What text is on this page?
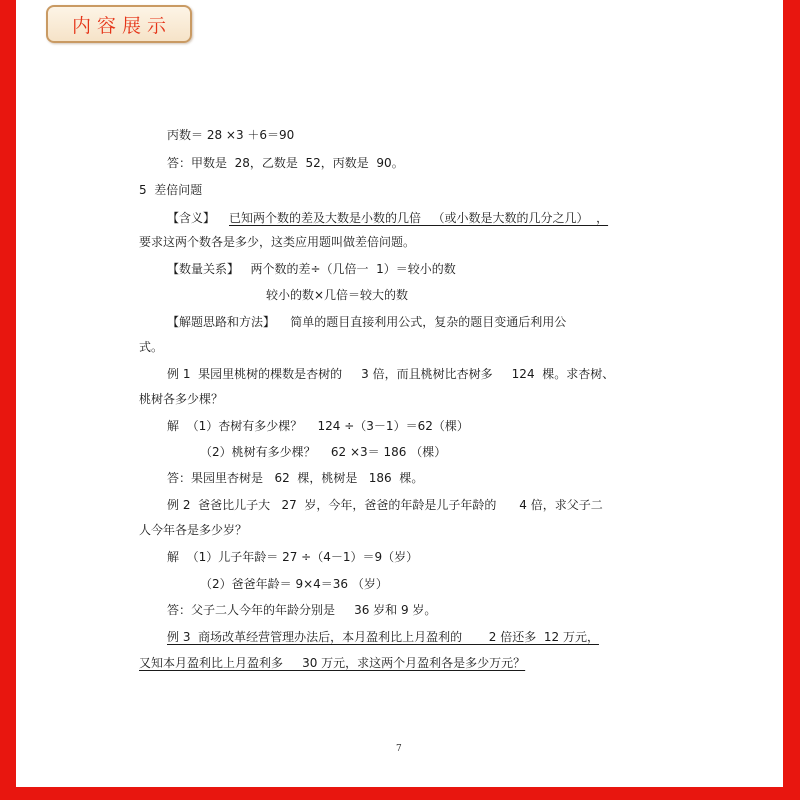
内容展示
丙数＝ 28 ×3 ＋6＝90
答：甲数是  28，乙数是  52，丙数是  90。
5  差倍问题
【含义】 已知两个数的差及大数是小数的几倍   （或小数是大数的几分之几）  ，
要求这两个数各是多少，这类应用题叫做差倍问题。
【数量关系】   两个数的差÷（几倍一  1）＝较小的数
较小的数×几倍＝较大的数
【解题思路和方法】    简单的题目直接利用公式，复杂的题目变通后利用公
式。
例 1  果园里桃树的棵数是杏树的     3 倍，而且桃树比杏树多     124  棵。求杏树、
桃树各多少棵？
解  （1）杏树有多少棵？    124 ÷（3－1）＝62（棵）
（2）桃树有多少棵？    62 ×3＝ 186 （棵）
答：果园里杏树是   62  棵，桃树是   186  棵。
例 2  爸爸比儿子大   27  岁，今年，爸爸的年龄是儿子年龄的      4 倍，求父子二
人今年各是多少岁？
解  （1）儿子年龄＝ 27 ÷（4－1）＝9（岁）
（2）爸爸年龄＝ 9×4＝36 （岁）
答：父子二人今年的年龄分别是     36 岁和 9 岁。
例 3  商场改革经营管理办法后，本月盈利比上月盈利的       2 倍还多  12 万元，
又知本月盈利比上月盈利多     30 万元，求这两个月盈利各是多少万元？
7
